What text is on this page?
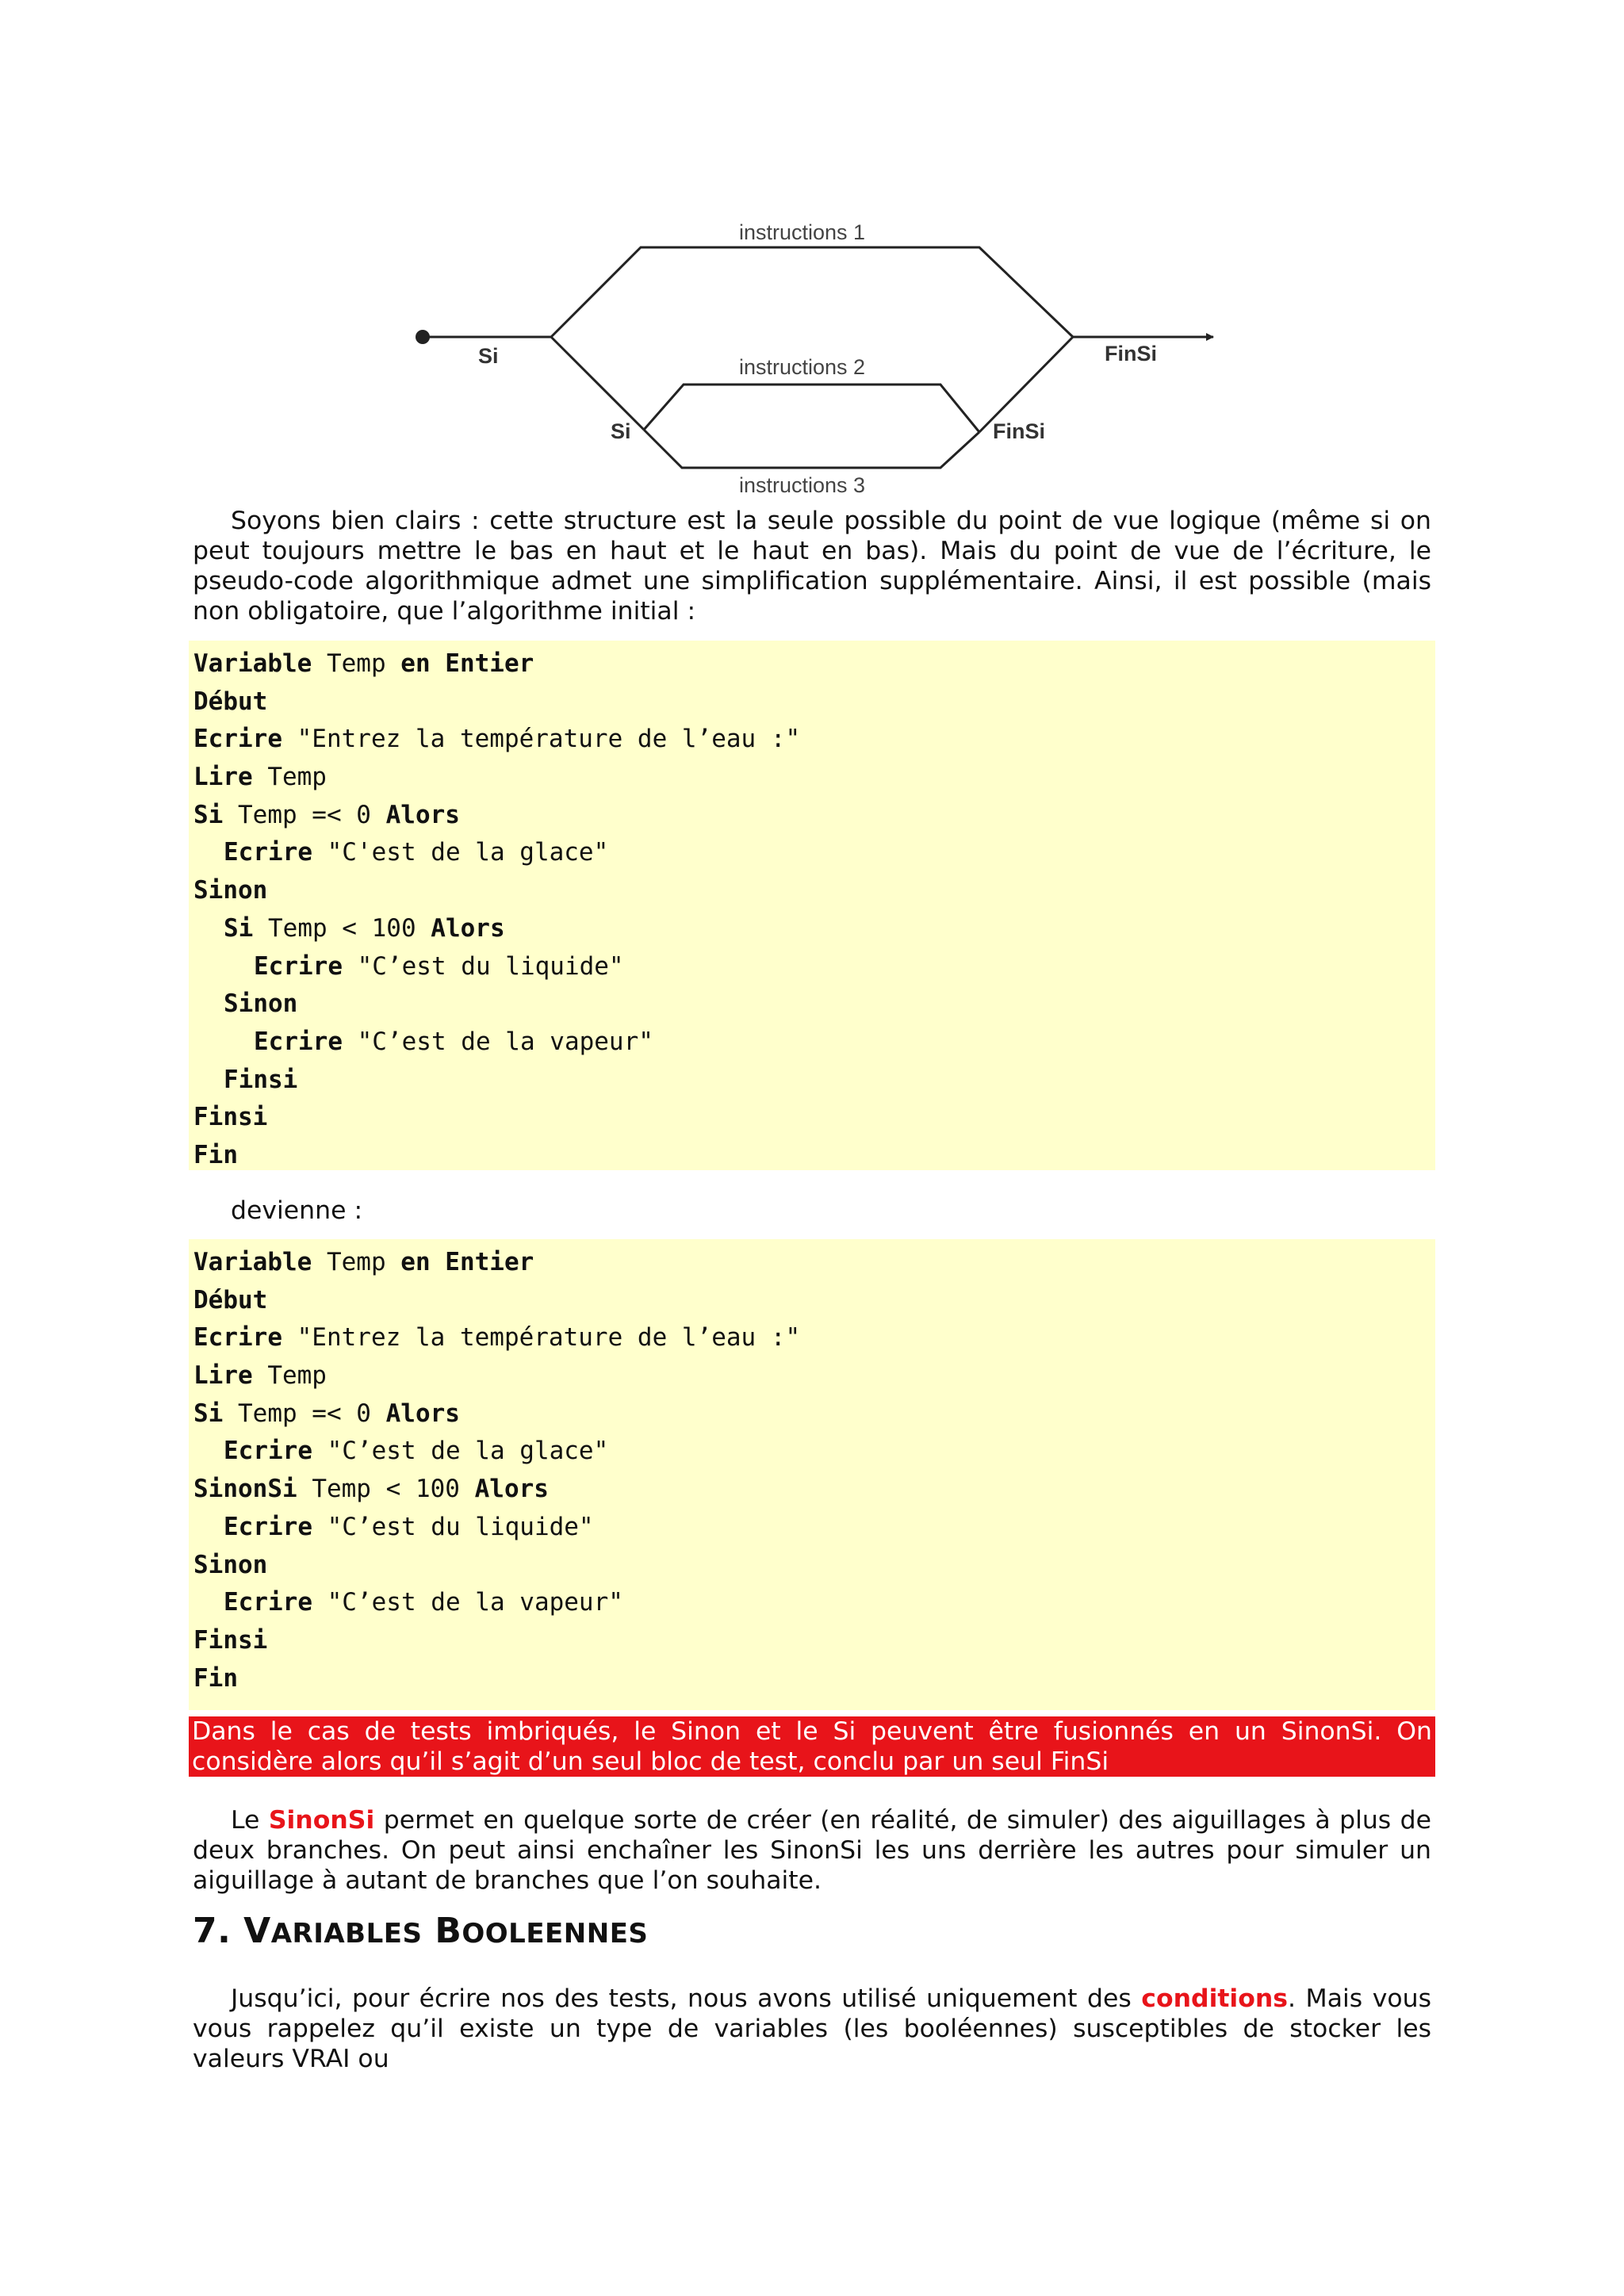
instructions 1
instructions 2
instructions 3
Si
Si
FinSi
FinSi

Soyons bien clairs : cette structure est la seule possible du point de vue logique (même si on peut toujours mettre le bas en haut et le haut en bas). Mais du point de vue de l’écriture, le pseudo-code algorithmique admet une simplification supplémentaire. Ainsi, il est possible (mais non obligatoire, que l’algorithme initial :

Variable Temp en Entier
Début
Ecrire "Entrez la température de l’eau :"
Lire Temp
Si Temp =< 0 Alors
Ecrire "C'est de la glace"
Sinon
Si Temp < 100 Alors
Ecrire "C’est du liquide"
Sinon
Ecrire "C’est de la vapeur"
Finsi
Finsi
Fin

devienne :

Variable Temp en Entier
Début
Ecrire "Entrez la température de l’eau :"
Lire Temp
Si Temp =< 0 Alors
Ecrire "C’est de la glace"
SinonSi Temp < 100 Alors
Ecrire "C’est du liquide"
Sinon
Ecrire "C’est de la vapeur"
Finsi
Fin
Dans le cas de tests imbriqués, le Sinon et le Si peuvent être fusionnés en un SinonSi. On considère alors qu’il s’agit d’un seul bloc de test, conclu par un seul FinSi

Le SinonSi permet en quelque sorte de créer (en réalité, de simuler) des aiguillages à plus de deux branches. On peut ainsi enchaîner les SinonSi les uns derrière les autres pour simuler un aiguillage à autant de branches que l’on souhaite.

7. VARIABLES BOOLEENNES

Jusqu’ici, pour écrire nos des tests, nous avons utilisé uniquement des conditions. Mais vous vous rappelez qu’il existe un type de variables (les booléennes) susceptibles de stocker les valeurs VRAI ou
